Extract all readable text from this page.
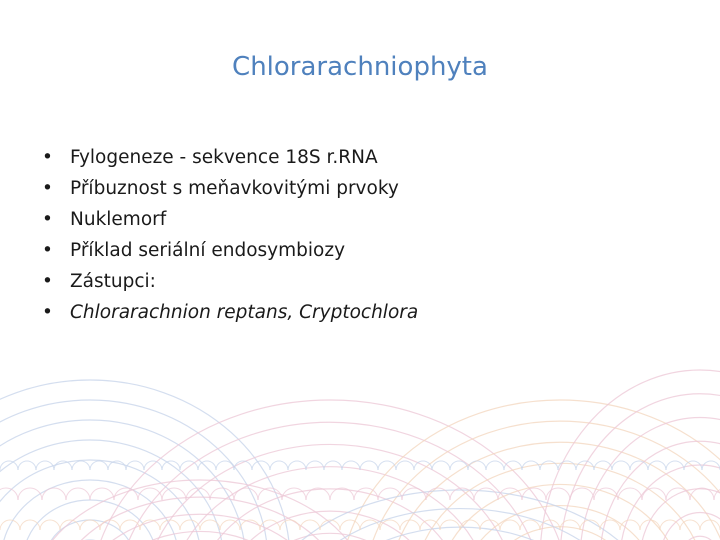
Chlorarachniophyta
• Fylogeneze - sekvence 18S r.RNA
• Příbuznost s meňavkovitými prvoky
• Nuklemorf
• Příklad seriální endosymbiozy
• Zástupci:
• Chlorarachnion reptans, Cryptochlora
